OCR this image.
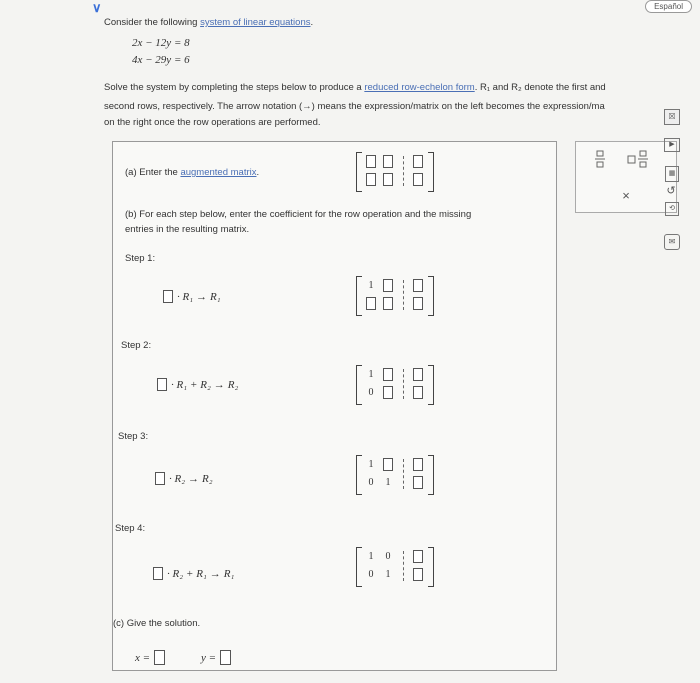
∨	Español
Consider the following system of linear equations.
2x − 12y = 8
4x − 29y = 6
Solve the system by completing the steps below to produce a reduced row-echelon form. R₁ and R₂ denote the first and
second rows, respectively. The arrow notation (→) means the expression/matrix on the left becomes the expression/ma
on the right once the row operations are performed.
(a) Enter the augmented matrix.
(b) For each step below, enter the coefficient for the row operation and the missing
entries in the resulting matrix.
Step 1:
· R₁ → R₁
1
Step 2:
· R₁ + R₂ → R₂
1
0
Step 3:
· R₂ → R₂
1
0	1
Step 4:
· R₂ + R₁ → R₁
1	0
0	1
(c) Give the solution.
x =	y =
×
▶
▦
↺
⟲
✉
☒
